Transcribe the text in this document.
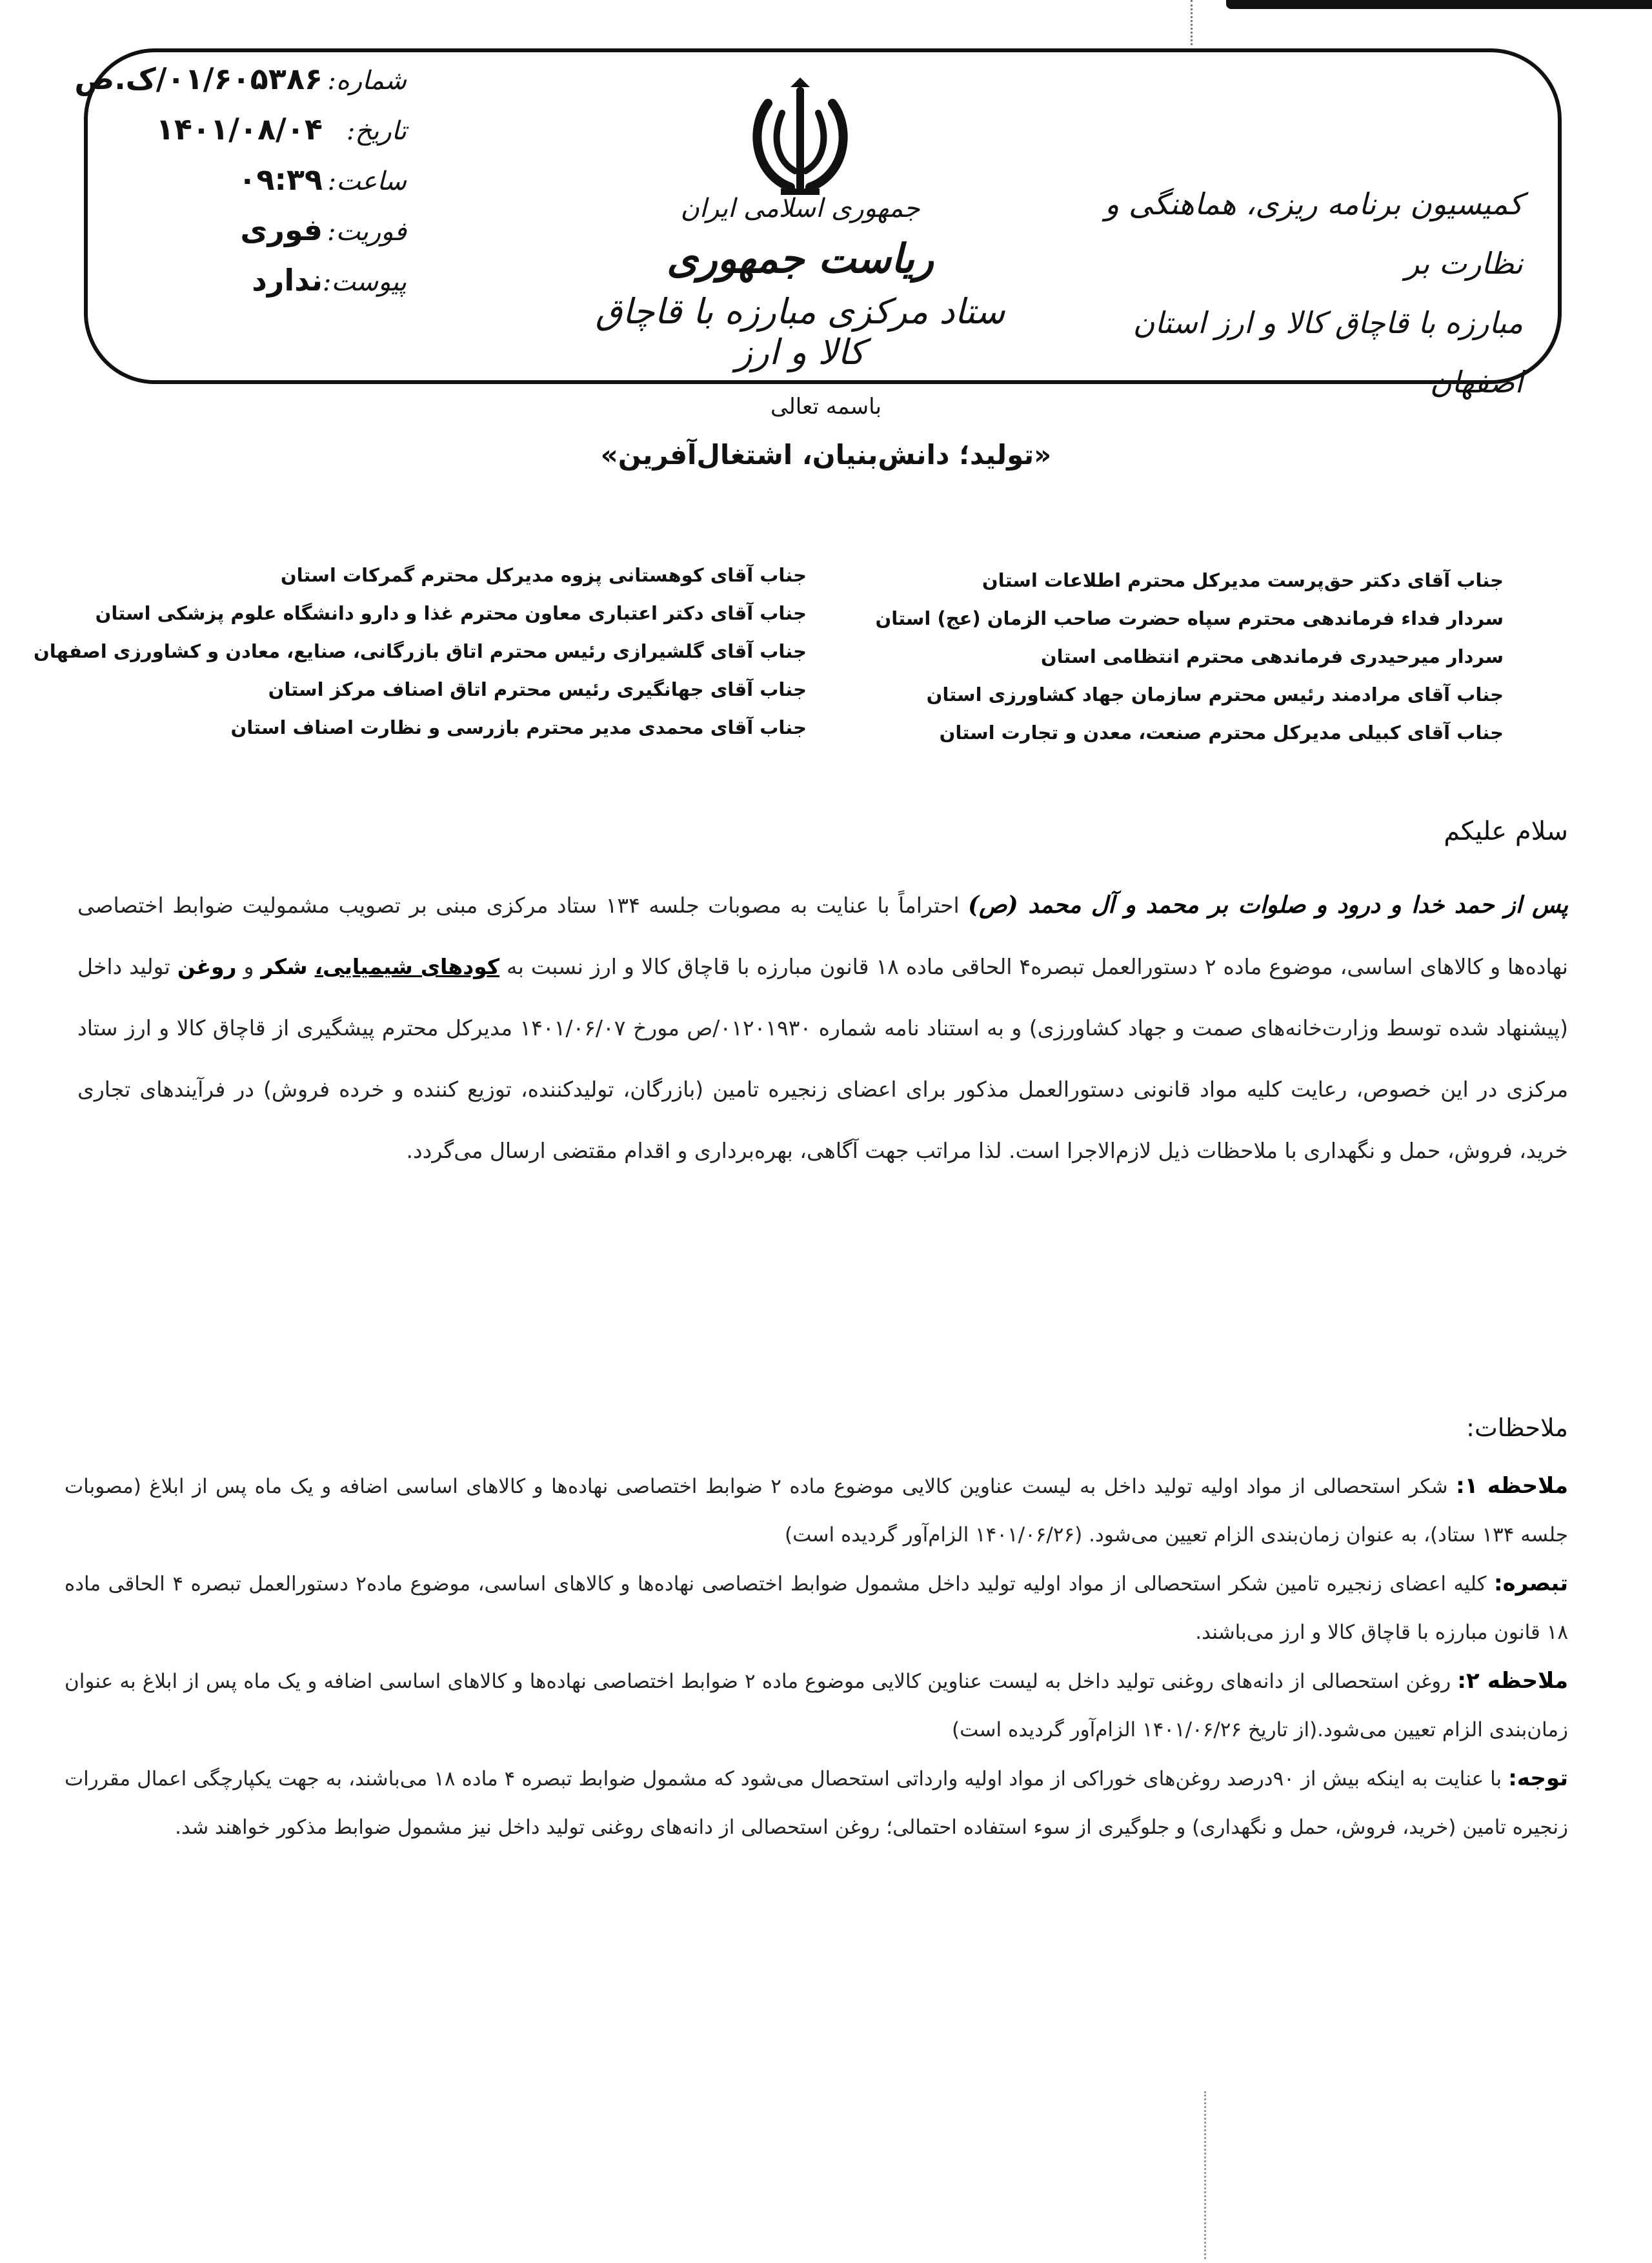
شماره:
۰۱/۶۰۵۳۸۶/ک.ص
تاریخ:
۱۴۰۱/۰۸/۰۴
ساعت:
۰۹:۳۹
فوریت:
فوری
پیوست:
ندارد
جمهوری اسلامی ایران
ریاست جمهوری
ستاد مرکزی مبارزه با قاچاق کالا و ارز
کمیسیون برنامه ریزی، هماهنگی و نظارت بر
مبارزه با قاچاق کالا و ارز استان اصفهان
باسمه تعالی
«تولید؛ دانش‌بنیان، اشتغال‌آفرین»
جناب آقای دکتر حق‌پرست مدیرکل محترم اطلاعات استان
سردار فداء فرماندهی محترم سپاه حضرت صاحب الزمان (عج) استان
سردار میرحیدری فرماندهی محترم انتظامی استان
جناب آقای مرادمند رئیس محترم سازمان جهاد کشاورزی استان
جناب آقای کبیلی مدیرکل محترم صنعت، معدن و تجارت استان
جناب آقای کوهستانی پزوه مدیرکل محترم گمرکات استان
جناب آقای دکتر اعتباری معاون محترم غذا و دارو دانشگاه علوم پزشکی استان
جناب آقای گلشیرازی رئیس محترم اتاق بازرگانی، صنایع، معادن و کشاورزی اصفهان
جناب آقای جهانگیری رئیس محترم اتاق اصناف مرکز استان
جناب آقای محمدی مدیر محترم بازرسی و نظارت اصناف استان
سلام علیکم
پس از حمد خدا و درود و صلوات بر محمد و آل محمد (ص) احتراماً با عنایت به مصوبات جلسه ۱۳۴ ستاد مرکزی مبنی بر تصویب مشمولیت ضوابط اختصاصی نهاده‌ها و کالاهای اساسی، موضوع ماده ۲ دستورالعمل تبصره۴ الحاقی ماده ۱۸ قانون مبارزه با قاچاق کالا و ارز نسبت به کودهای شیمیایی، شکر و روغن تولید داخل (پیشنهاد شده توسط وزارت‌خانه‌های صمت و جهاد کشاورزی) و به استناد نامه شماره ۰۱۲۰۱۹۳۰/ص مورخ ۱۴۰۱/۰۶/۰۷ مدیرکل محترم پیشگیری از قاچاق کالا و ارز ستاد مرکزی در این خصوص، رعایت کلیه مواد قانونی دستورالعمل مذکور برای اعضای زنجیره تامین (بازرگان، تولیدکننده، توزیع کننده و خرده فروش) در فرآیندهای تجاری خرید، فروش، حمل و نگهداری با ملاحظات ذیل لازم‌الاجرا است. لذا مراتب جهت آگاهی، بهره‌برداری و اقدام مقتضی ارسال می‌گردد.
ملاحظات:
ملاحظه ۱: شکر استحصالی از مواد اولیه تولید داخل به لیست عناوین کالایی موضوع ماده ۲ ضوابط اختصاصی نهاده‌ها و کالاهای اساسی اضافه و یک ماه پس از ابلاغ (مصوبات جلسه ۱۳۴ ستاد)، به عنوان زمان‌بندی الزام تعیین می‌شود. (۱۴۰۱/۰۶/۲۶ الزام‌آور گردیده است)
تبصره: کلیه اعضای زنجیره تامین شکر استحصالی از مواد اولیه تولید داخل مشمول ضوابط اختصاصی نهاده‌ها و کالاهای اساسی، موضوع ماده۲ دستورالعمل تبصره ۴ الحاقی ماده ۱۸ قانون مبارزه با قاچاق کالا و ارز می‌باشند.
ملاحظه ۲: روغن استحصالی از دانه‌های روغنی تولید داخل به لیست عناوین کالایی موضوع ماده ۲ ضوابط اختصاصی نهاده‌ها و کالاهای اساسی اضافه و یک ماه پس از ابلاغ به عنوان زمان‌بندی الزام تعیین می‌شود.(از تاریخ ۱۴۰۱/۰۶/۲۶ الزام‌آور گردیده است)
توجه: با عنایت به اینکه بیش از ۹۰درصد روغن‌های خوراکی از مواد اولیه وارداتی استحصال می‌شود که مشمول ضوابط تبصره ۴ ماده ۱۸ می‌باشند، به جهت یکپارچگی اعمال مقررات زنجیره تامین (خرید، فروش، حمل و نگهداری) و جلوگیری از سوء استفاده احتمالی؛ روغن استحصالی از دانه‌های روغنی تولید داخل نیز مشمول ضوابط مذکور خواهند شد.
